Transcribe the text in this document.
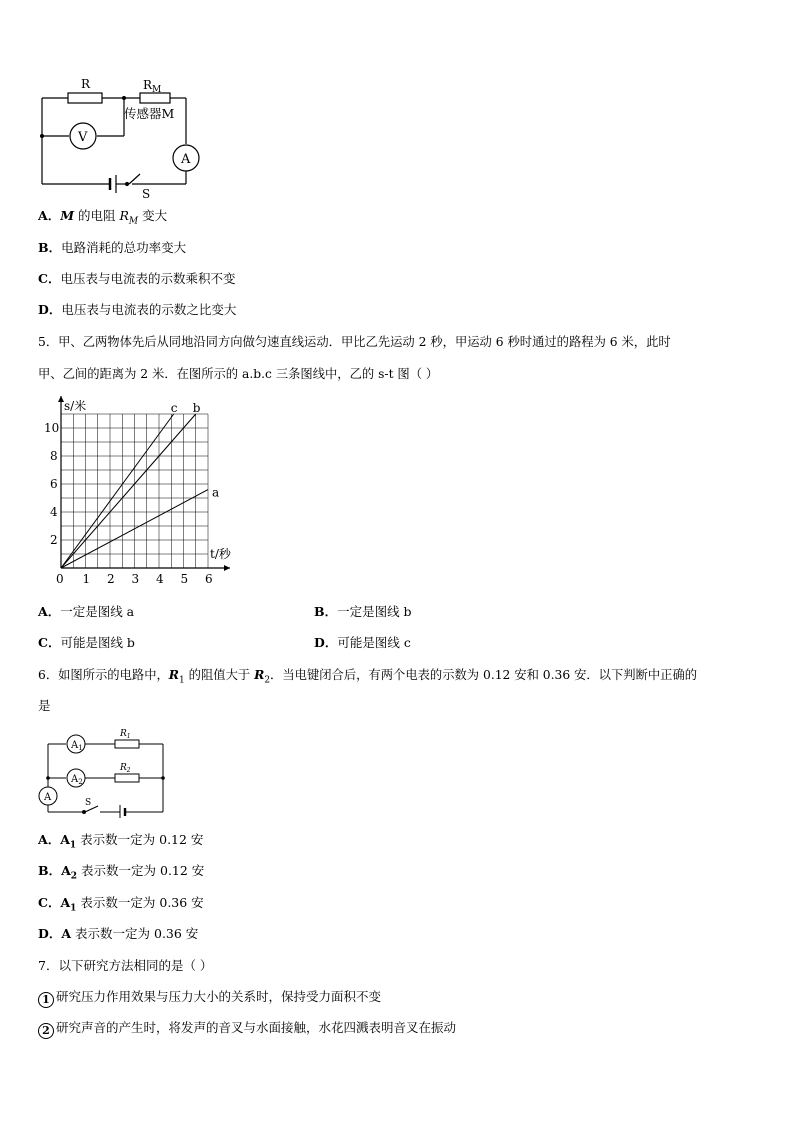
R	$R_M$
传感器M
V
A
S
A．M 的电阻 $R_M$ 变大
B．电路消耗的总功率变大
C．电压表与电流表的示数乘积不变
D．电压表与电流表的示数之比变大
5．甲、乙两物体先后从同地沿同方向做匀速直线运动．甲比乙先运动 2 秒，甲运动 6 秒时通过的路程为 6 米，此时
甲、乙间的距离为 2 米．在图所示的 a.b.c 三条图线中，乙的 s-t 图（ ）
a
b
c
0 1 2 3 4 5 6
2
4
6
8
10
s/米
t/秒
A．一定是图线 a	B．一定是图线 b
C．可能是图线 b	D．可能是图线 c
6．如图所示的电路中，$R_1$ 的阻值大于 $R_2$．当电键闭合后，有两个电表的示数为 0.12 安和 0.36 安．以下判断中正确的
是
$A_1$
$A_2$
A
$R_1$
$R_2$
S
A．$A_1$ 表示数一定为 0.12 安
B．$A_2$ 表示数一定为 0.12 安
C．$A_1$ 表示数一定为 0.36 安
D．A 表示数一定为 0.36 安
7．以下研究方法相同的是（ ）
1 研究压力作用效果与压力大小的关系时，保持受力面积不变
2 研究声音的产生时，将发声的音叉与水面接触，水花四溅表明音叉在振动
